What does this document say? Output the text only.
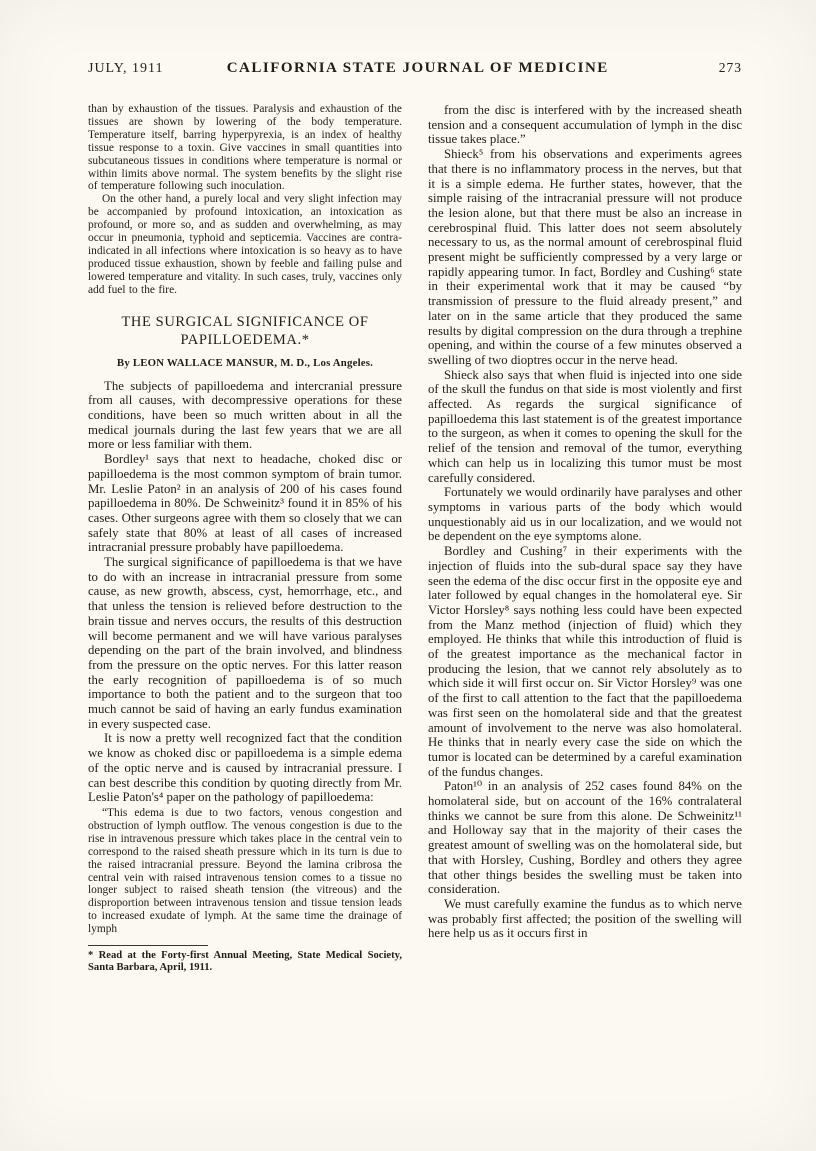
JULY, 1911	CALIFORNIA STATE JOURNAL OF MEDICINE	273

than by exhaustion of the tissues. Paralysis and exhaustion of the tissues are shown by lowering of the body temperature. Temperature itself, barring hyperpyrexia, is an index of healthy tissue response to a toxin. Give vaccines in small quantities into subcutaneous tissues in conditions where temperature is normal or within limits above normal. The system benefits by the slight rise of temperature following such inoculation.

On the other hand, a purely local and very slight infection may be accompanied by profound intoxication, an intoxication as profound, or more so, and as sudden and overwhelming, as may occur in pneumonia, typhoid and septicemia. Vaccines are contra-indicated in all infections where intoxication is so heavy as to have produced tissue exhaustion, shown by feeble and failing pulse and lowered temperature and vitality. In such cases, truly, vaccines only add fuel to the fire.

THE SURGICAL SIGNIFICANCE OF PAPILLOEDEMA.*

By LEON WALLACE MANSUR, M. D., Los Angeles.

The subjects of papilloedema and intercranial pressure from all causes, with decompressive operations for these conditions, have been so much written about in all the medical journals during the last few years that we are all more or less familiar with them.

Bordley¹ says that next to headache, choked disc or papilloedema is the most common symptom of brain tumor. Mr. Leslie Paton² in an analysis of 200 of his cases found papilloedema in 80%. De Schweinitz³ found it in 85% of his cases. Other surgeons agree with them so closely that we can safely state that 80% at least of all cases of increased intracranial pressure probably have papilloedema.

The surgical significance of papilloedema is that we have to do with an increase in intracranial pressure from some cause, as new growth, abscess, cyst, hemorrhage, etc., and that unless the tension is relieved before destruction to the brain tissue and nerves occurs, the results of this destruction will become permanent and we will have various paralyses depending on the part of the brain involved, and blindness from the pressure on the optic nerves. For this latter reason the early recognition of papilloedema is of so much importance to both the patient and to the surgeon that too much cannot be said of having an early fundus examination in every suspected case.

It is now a pretty well recognized fact that the condition we know as choked disc or papilloedema is a simple edema of the optic nerve and is caused by intracranial pressure. I can best describe this condition by quoting directly from Mr. Leslie Paton's⁴ paper on the pathology of papilloedema:

“This edema is due to two factors, venous congestion and obstruction of lymph outflow. The venous congestion is due to the rise in intravenous pressure which takes place in the central vein to correspond to the raised sheath pressure which in its turn is due to the raised intracranial pressure. Beyond the lamina cribrosa the central vein with raised intravenous tension comes to a tissue no longer subject to raised sheath tension (the vitreous) and the disproportion between intravenous tension and tissue tension leads to increased exudate of lymph. At the same time the drainage of lymph

* Read at the Forty-first Annual Meeting, State Medical Society, Santa Barbara, April, 1911.

from the disc is interfered with by the increased sheath tension and a consequent accumulation of lymph in the disc tissue takes place.”

Shieck⁵ from his observations and experiments agrees that there is no inflammatory process in the nerves, but that it is a simple edema. He further states, however, that the simple raising of the intracranial pressure will not produce the lesion alone, but that there must be also an increase in cerebrospinal fluid. This latter does not seem absolutely necessary to us, as the normal amount of cerebrospinal fluid present might be sufficiently compressed by a very large or rapidly appearing tumor. In fact, Bordley and Cushing⁶ state in their experimental work that it may be caused “by transmission of pressure to the fluid already present,” and later on in the same article that they produced the same results by digital compression on the dura through a trephine opening, and within the course of a few minutes observed a swelling of two dioptres occur in the nerve head.

Shieck also says that when fluid is injected into one side of the skull the fundus on that side is most violently and first affected. As regards the surgical significance of papilloedema this last statement is of the greatest importance to the surgeon, as when it comes to opening the skull for the relief of the tension and removal of the tumor, everything which can help us in localizing this tumor must be most carefully considered.

Fortunately we would ordinarily have paralyses and other symptoms in various parts of the body which would unquestionably aid us in our localization, and we would not be dependent on the eye symptoms alone.

Bordley and Cushing⁷ in their experiments with the injection of fluids into the sub-dural space say they have seen the edema of the disc occur first in the opposite eye and later followed by equal changes in the homolateral eye. Sir Victor Horsley⁸ says nothing less could have been expected from the Manz method (injection of fluid) which they employed. He thinks that while this introduction of fluid is of the greatest importance as the mechanical factor in producing the lesion, that we cannot rely absolutely as to which side it will first occur on. Sir Victor Horsley⁹ was one of the first to call attention to the fact that the papilloedema was first seen on the homolateral side and that the greatest amount of involvement to the nerve was also homolateral. He thinks that in nearly every case the side on which the tumor is located can be determined by a careful examination of the fundus changes.

Paton¹⁰ in an analysis of 252 cases found 84% on the homolateral side, but on account of the 16% contralateral thinks we cannot be sure from this alone. De Schweinitz¹¹ and Holloway say that in the majority of their cases the greatest amount of swelling was on the homolateral side, but that with Horsley, Cushing, Bordley and others they agree that other things besides the swelling must be taken into consideration.

We must carefully examine the fundus as to which nerve was probably first affected; the position of the swelling will here help us as it occurs first in
